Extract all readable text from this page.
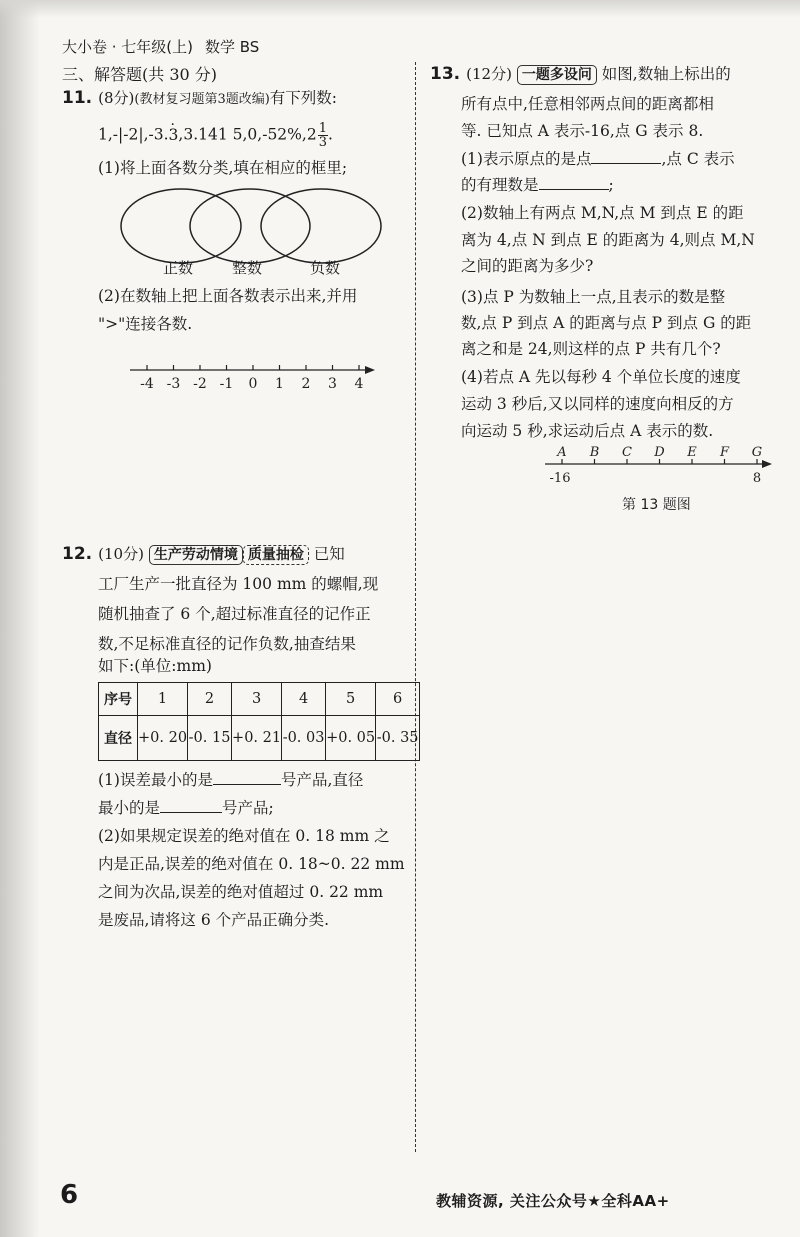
大小卷 · 七年级(上) 数学 BS
三、解答题(共 30 分)
11. (8分)(教材复习题第3题改编)有下列数:
1,-|-2|,-3.3 ·,3.141 $5,0,-52\%,2 \frac{1}{3}$ .
(1)将上面各数分类,填在相应的框里;
正数	整数	负数
(2)在数轴上把上面各数表示出来,并用
">"连接各数.
-4 -3 -2 -1 0 1 2 3 4
12. (10分) 生产劳动情境 质量抽检 已知
工厂生产一批直径为 100 mm 的螺帽,现
随机抽查了 6 个,超过标准直径的记作正
数,不足标准直径的记作负数,抽查结果
如下:(单位:mm)
序号	1	2	3	4	5	6
直径	+0. 20	-0. 15	+0. 21	-0. 03	+0. 05	-0. 35
(1)误差最小的是	号产品,直径
最小的是	号产品;
(2)如果规定误差的绝对值在 0. 18 mm 之
内是正品,误差的绝对值在 0. 18~0. 22 mm
之间为次品,误差的绝对值超过 0. 22 mm
是废品,请将这 6 个产品正确分类.
13. (12分) 一题多设问 如图,数轴上标出的
所有点中,任意相邻两点间的距离都相
等. 已知点 A 表示-16,点 G 表示 8.
(1)表示原点的是点	,点 C 表示
的有理数是	;
(2)数轴上有两点 M,N,点 M 到点 E 的距
离为 4,点 N 到点 E 的距离为 4,则点 M,N
之间的距离为多少?
(3)点 P 为数轴上一点,且表示的数是整
数,点 P 到点 A 的距离与点 P 到点 G 的距
离之和是 24,则这样的点 P 共有几个?
(4)若点 A 先以每秒 4 个单位长度的速度
运动 3 秒后,又以同样的速度向相反的方
向运动 5 秒,求运动后点 A 表示的数.
A B C D E F G
-16	8
第 13 题图
6	教辅资源, 关注公众号★全科AA+
